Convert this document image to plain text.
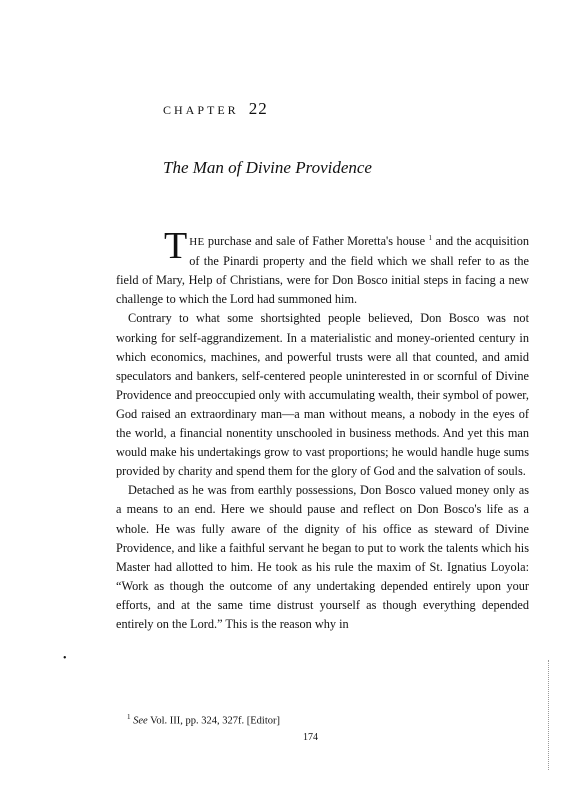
CHAPTER 22
The Man of Divine Providence

THE purchase and sale of Father Moretta's house $^1$ and the acquisition of the Pinardi property and the field which we shall refer to as the field of Mary, Help of Christians, were for Don Bosco initial steps in facing a new challenge to which the Lord had summoned him.

Contrary to what some shortsighted people believed, Don Bosco was not working for self-aggrandizement. In a materialistic and money-oriented century in which economics, machines, and powerful trusts were all that counted, and amid speculators and bankers, self-centered people uninterested in or scornful of Divine Providence and preoccupied only with accumulating wealth, their symbol of power, God raised an extraordinary man—a man without means, a nobody in the eyes of the world, a financial nonentity unschooled in business methods. And yet this man would make his undertakings grow to vast proportions; he would handle huge sums provided by charity and spend them for the glory of God and the salvation of souls.

Detached as he was from earthly possessions, Don Bosco valued money only as a means to an end. Here we should pause and reflect on Don Bosco's life as a whole. He was fully aware of the dignity of his office as steward of Divine Providence, and like a faithful servant he began to put to work the talents which his Master had allotted to him. He took as his rule the maxim of St. Ignatius Loyola: “Work as though the outcome of any undertaking depended entirely upon your efforts, and at the same time distrust yourself as though everything depended entirely on the Lord.” This is the reason why in

•
$^1$ See Vol. III, pp. 324, 327f. [Editor]
174
